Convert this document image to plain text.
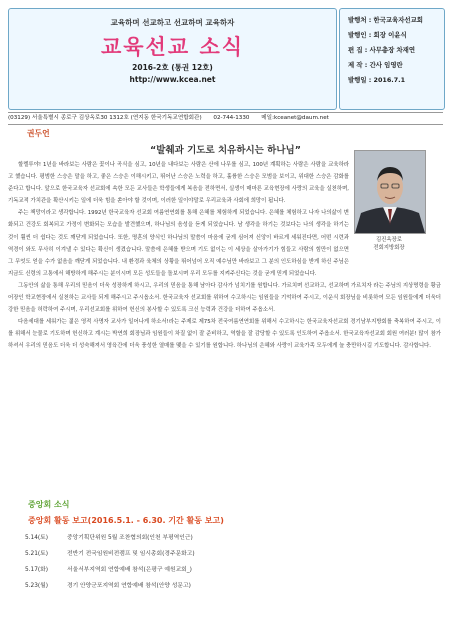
교육하며 선교하고 선교하며 교육하자
교육선교 소식
2016-2호 (통권 12호)
http://www.kcea.net
발행처 : 한국교육자선교회
발행인 : 회장 이윤식
편 집 : 사무총장 차재연
제 작 : 간사 임영란
발행일 : 2016.7.1
(03129) 서울특별시 종로구 김상옥로30 1312호 (연지동 한국기독교연합회관) 02-744-1330 메일:kceanet@daum.net
권두언
“발췌과 기도로 치유하시는 하나님”
김진옥장로
전회지방회장

할렐루야! 1년을 바라보는 사람은 꽃이나 곡식을 심고, 10년을 내다보는 사람은 산에 나무를 심고, 100년 계획하는 사람은 사람을 교육하라고 했습니다. 평범한 스승은 말을 하고, 좋은 스승은 이해시키고, 뛰어난 스승은 노력을 하고, 훌륭한 스승은 모범을 보이고, 위대한 스승은 감화를 준다고 합니다. 앞으로 한국교육자 선교회에 속한 모든 교사들은 학생들에게 복음을 전하면서, 실생이 매마른 교육현장에 사랑의 교육을 실천하며, 기독교적 가치관을 확산시키는 일에 더욱 힘을 쏟아야 할 것이며, 이러한 일이야말로 우리교육과 사회에 희망이 됩니다.

주는 책망이라고 생각합니다. 1992년 한국교육자 선교회 여름연연회를 통해 은혜를 체험하게 되었습니다. 은혜를 체험하고 나자 나의삶이 변화되고 건강도 회복되고 가정이 변화되는 모습을 발견했으며, 하나님의 음성을 듣게 되었습니다. 남 생각을 하기는 것보다는 나의 생각을 하기는 것이 훨씬 더 쉽다는 것도 깨닫게 되었습니다. 또한, 명혼의 양식인 하나님의 말씀이 마음에 굳게 심어져 신앙이 바르게 세워진다면, 어떤 시련과 역경이 와도 무사히 이겨낼 수 있다는 확신이 생겼습니다. 말씀에 은혜를 받으며 기도 없이는 이 세상을 살아가기가 힘들고 사람의 힘만이 없으면 그 무엇도 얻을 수가 없음을 깨닫게 되었습니다. 내 환경과 육체의 상황을 뛰어넘어 오직 예수님만 바라보고 그 분의 인도하심을 받게 하신 주님은 지금도 신령의 고통에서 해방하게 해주시는 분이시며 모든 성도들을 돌보시며 우리 모두를 지켜주신다는 것을 굳게 믿게 되었습니다.

그동안의 삶을 통해 우리의 믿음이 더욱 성장하게 하시고, 우리의 믿음을 통해 남아다 감사가 넘치기를 원합니다. 가르치며 선교하고, 선교하며 가르치자 라는 주님의 지상명령을 황금어장인 학교현장에서 실천하는 교사들 되게 해주시고 주시옵소서. 한국교육자 선교회를 위하여 수고하시는 임원들을 기억하여 주시고, 이운식 회장님을 비롯하여 모든 임원들에게 더욱더 강한 믿음을 허락하여 주시며, 우리선교회를 위하여 헌신의 봉사할 수 있도록 크신 능력과 건강을 더하여 주옵소서.

다음세대를 세워가는 젊은 영적 사명자 교사가 일어나게 하소서!라는 주제로 제75차 전국여름연연회를 위해서 수고하시는 한국교육자선교회 경기남부지방회를 축복하여 주시고, 이를 위해서 눈물로 기도하며 헌신하고 계시는 박연희 회장님과 임원들이 차질 없이 잘 준비하고, 역할을 잘 감당할 수 있도록 인도하여 주옵소서. 한국교육자선교회 회원 여러분! 많이 참가하셔서 우리의 믿음도 더욱 더 성숙해져서 영육간에 더욱 풍성한 열매를 맺을 수 있기를 원합니다. 하나님의 은혜와 사랑이 교육가족 모두에게 늘 충만하시길 기도합니다. 감사합니다.

중앙회 소식
중앙회 활동 보고(2016.5.1. - 6.30. 기간 활동 보고)
5.14(토)	중앙기획단위원 5월 조찬협의회(인천 부평역인근)
5.21(토)	전반기 전국임원비전캠프 및 임시총회(경주문화고)
5.17(화)	서울서부지역회 연합예배 참석(은평구 예원교회_)
5.23(월)	경기 안양군포지역회 연합예배 참석(안양 성문고)
